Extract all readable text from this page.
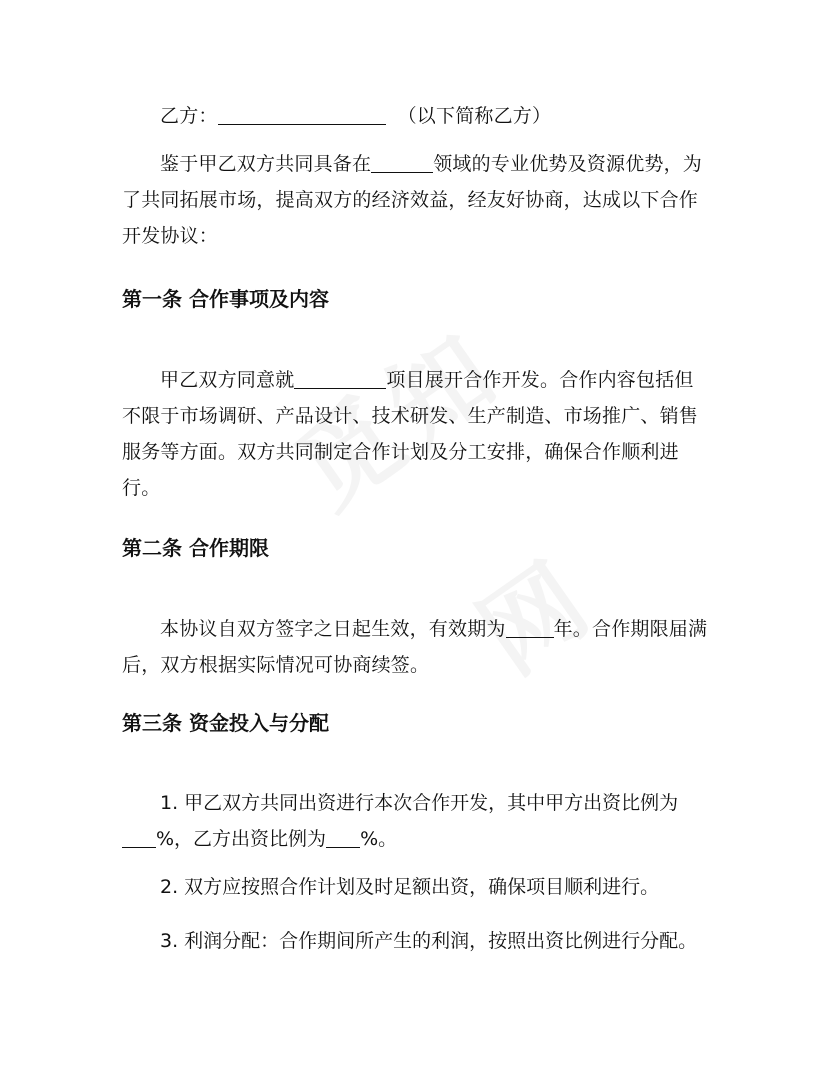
乙方：	（以下简称乙方）
鉴于甲乙双方共同具备在	领域的专业优势及资源优势，为了共同拓展市场，提高双方的经济效益，经友好协商，达成以下合作开发协议：
第一条 合作事项及内容
甲乙双方同意就	项目展开合作开发。合作内容包括但不限于市场调研、产品设计、技术研发、生产制造、市场推广、销售服务等方面。双方共同制定合作计划及分工安排，确保合作顺利进行。
第二条 合作期限
本协议自双方签字之日起生效，有效期为	年。合作期限届满后，双方根据实际情况可协商续签。
第三条 资金投入与分配
1. 甲乙双方共同出资进行本次合作开发，其中甲方出资比例为%，乙方出资比例为 %。
2. 双方应按照合作计划及时足额出资，确保项目顺利进行。
3. 利润分配：合作期间所产生的利润，按照出资比例进行分配。
